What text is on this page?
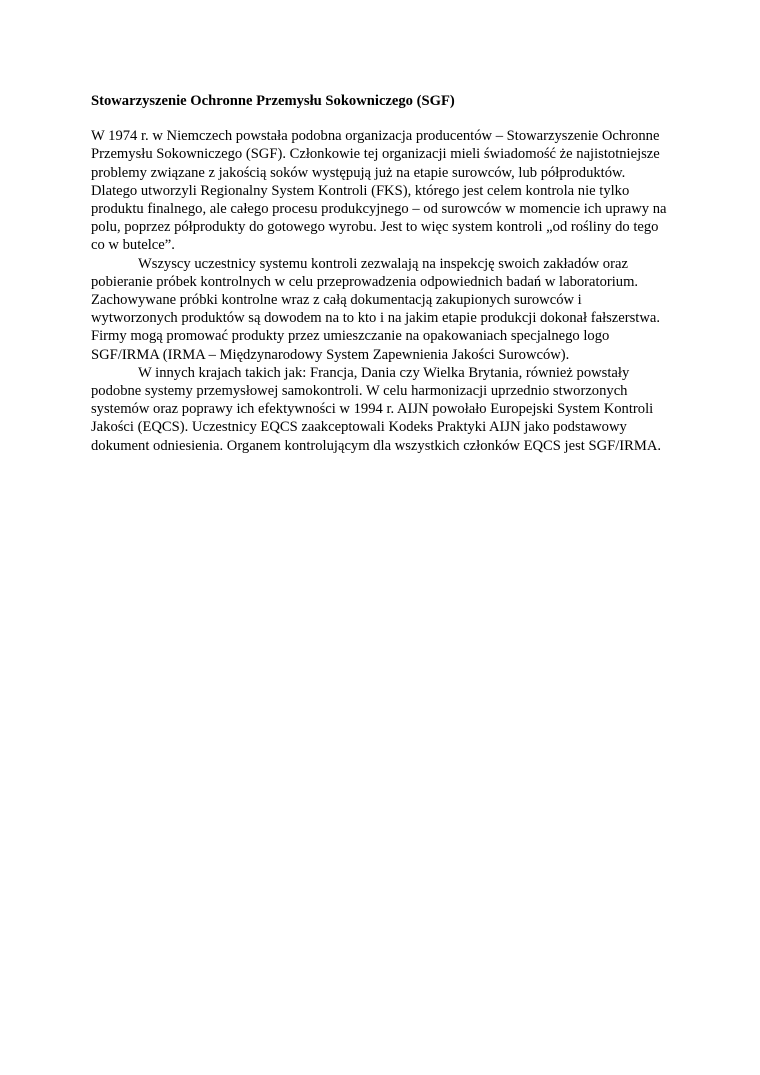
Stowarzyszenie Ochronne Przemysłu Sokowniczego (SGF)

W 1974 r. w Niemczech powstała podobna organizacja producentów – Stowarzyszenie Ochronne Przemysłu Sokowniczego (SGF). Członkowie tej organizacji mieli świadomość że najistotniejsze problemy związane z jakością soków występują już na etapie surowców, lub półproduktów. Dlatego utworzyli Regionalny System Kontroli (FKS), którego jest celem kontrola nie tylko produktu finalnego, ale całego procesu produkcyjnego – od surowców w momencie ich uprawy na polu, poprzez półprodukty do gotowego wyrobu. Jest to więc system kontroli „od rośliny do tego co w butelce”.

Wszyscy uczestnicy systemu kontroli zezwalają na inspekcję swoich zakładów oraz pobieranie próbek kontrolnych w celu przeprowadzenia odpowiednich badań w laboratorium. Zachowywane próbki kontrolne wraz z całą dokumentacją zakupionych surowców i wytworzonych produktów są dowodem na to kto i na jakim etapie produkcji dokonał fałszerstwa. Firmy mogą promować produkty przez umieszczanie na opakowaniach specjalnego logo SGF/IRMA (IRMA – Międzynarodowy System Zapewnienia Jakości Surowców).

W innych krajach takich jak: Francja, Dania czy Wielka Brytania, również powstały podobne systemy przemysłowej samokontroli. W celu harmonizacji uprzednio stworzonych systemów oraz poprawy ich efektywności w 1994 r. AIJN powołało Europejski System Kontroli Jakości (EQCS). Uczestnicy EQCS zaakceptowali Kodeks Praktyki AIJN jako podstawowy dokument odniesienia. Organem kontrolującym dla wszystkich członków EQCS jest SGF/IRMA.
